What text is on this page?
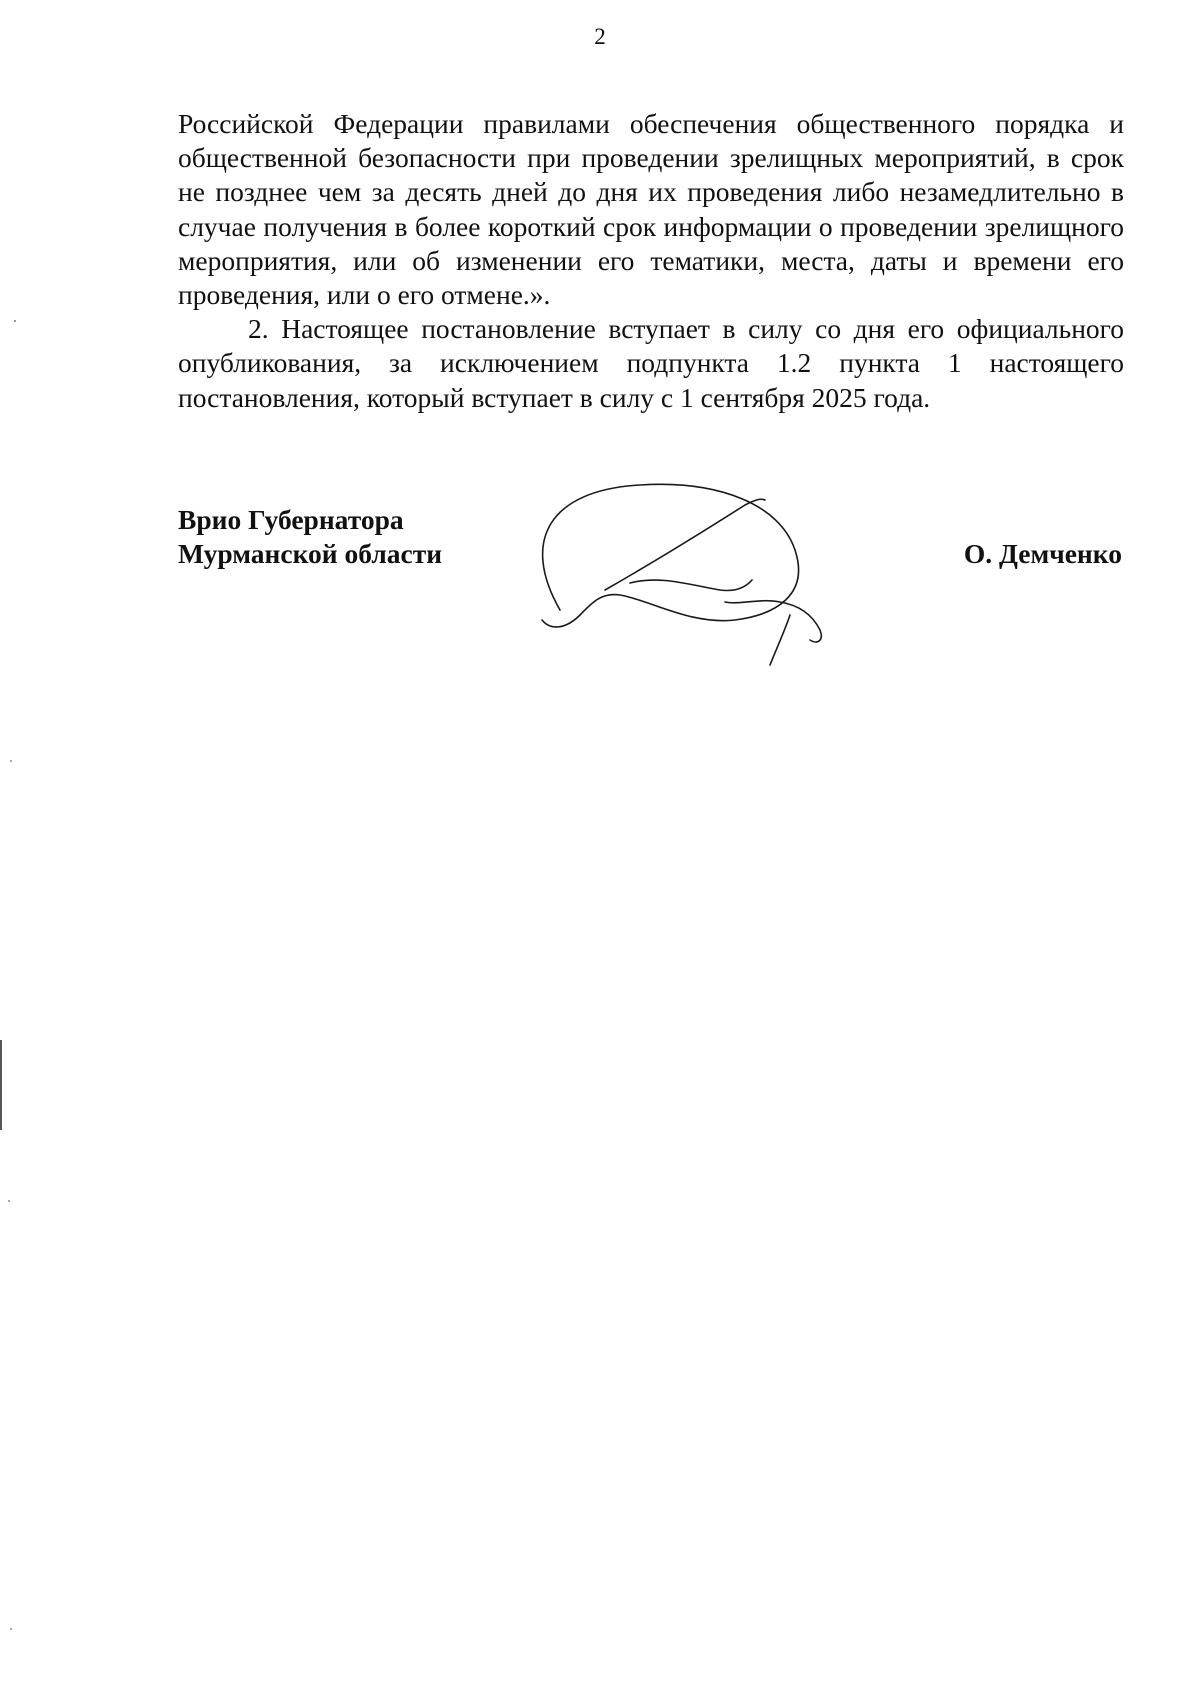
2

Российской Федерации правилами обеспечения общественного порядка и общественной безопасности при проведении зрелищных мероприятий, в срок не позднее чем за десять дней до дня их проведения либо незамедлительно в случае получения в более короткий срок информации о проведении зрелищного мероприятия, или об изменении его тематики, места, даты и времени его проведения, или о его отмене.».

2. Настоящее постановление вступает в силу со дня его официального опубликования, за исключением подпункта 1.2 пункта 1 настоящего постановления, который вступает в силу с 1 сентября 2025 года.

Врио Губернатора
Мурманской области	О. Демченко
